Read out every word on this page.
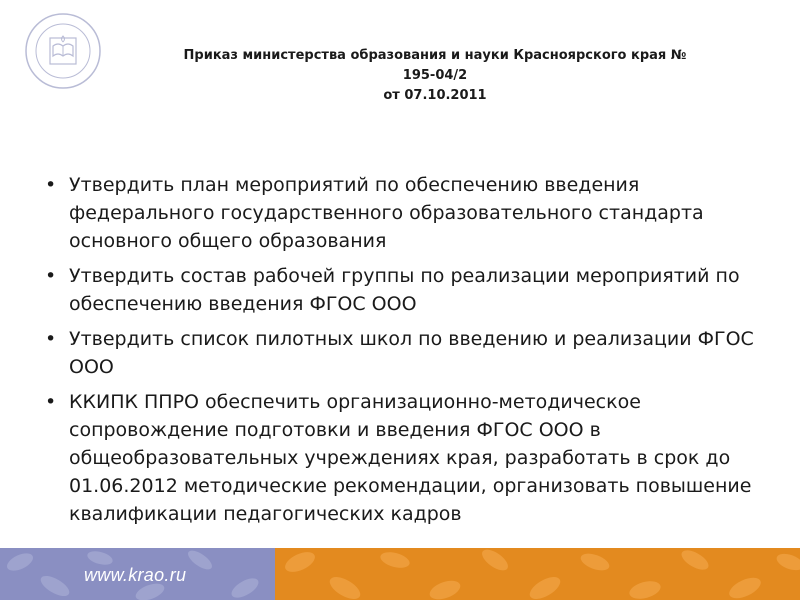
Приказ министерства образования и науки Красноярского края №
195-04/2
от 07.10.2011
• Утвердить план мероприятий по обеспечению введения федерального государственного образовательного стандарта основного общего образования
• Утвердить состав рабочей группы по реализации мероприятий по обеспечению введения ФГОС ООО
• Утвердить список пилотных школ по введению и реализации ФГОС ООО
• ККИПК ППРО обеспечить организационно-методическое сопровождение подготовки и введения ФГОС ООО в общеобразовательных учреждениях края, разработать в срок до 01.06.2012 методические рекомендации, организовать повышение квалификации педагогических кадров
www.krao.ru
